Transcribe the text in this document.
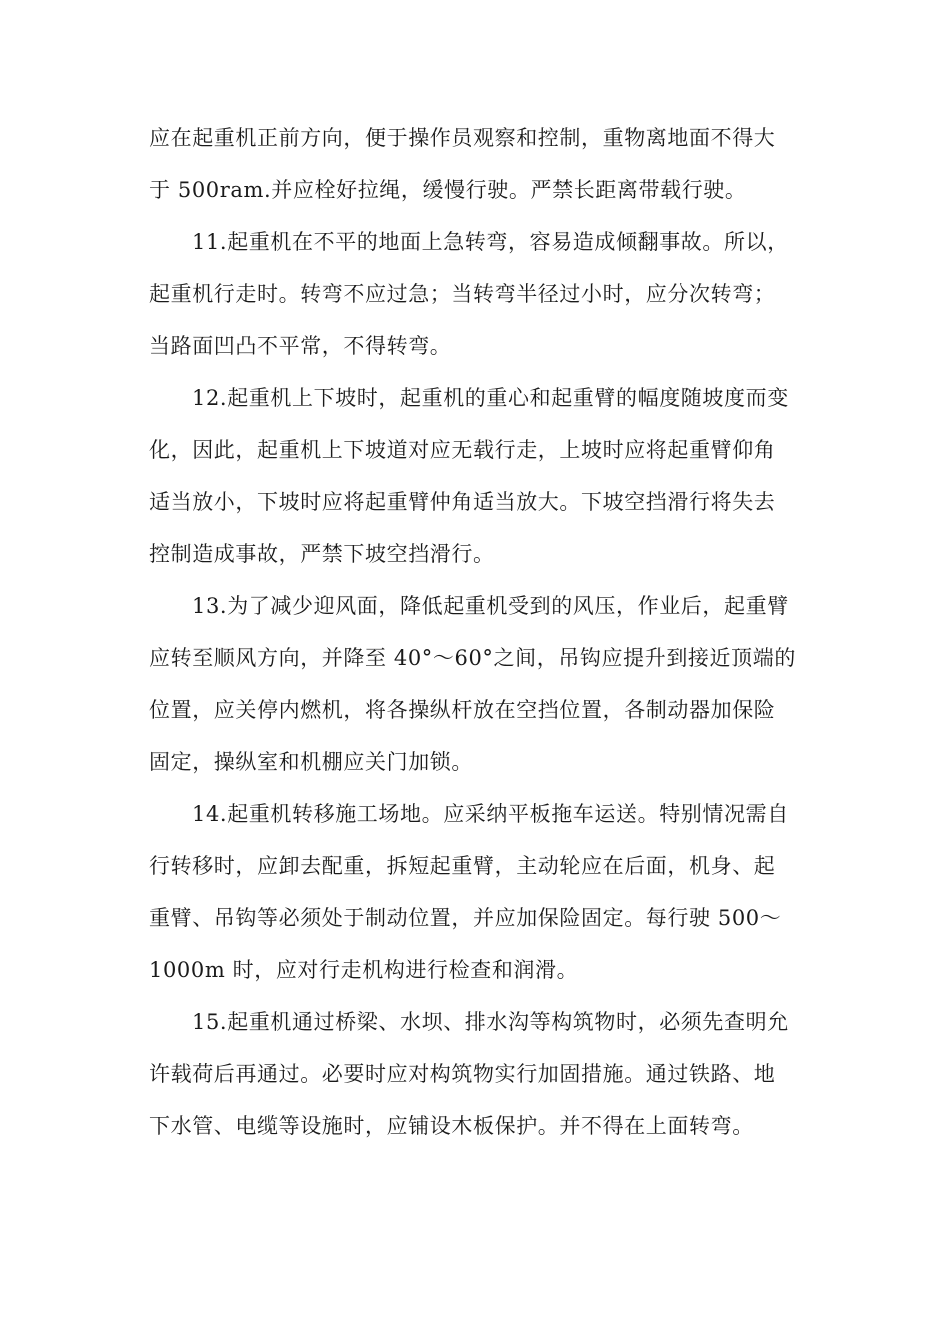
应在起重机正前方向，便于操作员观察和控制，重物离地面不得大
于 500ram.并应栓好拉绳，缓慢行驶。严禁长距离带载行驶。
11.起重机在不平的地面上急转弯，容易造成倾翻事故。所以，
起重机行走时。转弯不应过急；当转弯半径过小时，应分次转弯；
当路面凹凸不平常，不得转弯。
12.起重机上下坡时，起重机的重心和起重臂的幅度随坡度而变
化，因此，起重机上下坡道对应无载行走，上坡时应将起重臂仰角
适当放小，下坡时应将起重臂仲角适当放大。下坡空挡滑行将失去
控制造成事故，严禁下坡空挡滑行。
13.为了减少迎风面，降低起重机受到的风压，作业后，起重臂
应转至顺风方向，并降至 40°～60°之间，吊钩应提升到接近顶端的
位置，应关停内燃机，将各操纵杆放在空挡位置，各制动器加保险
固定，操纵室和机棚应关门加锁。
14.起重机转移施工场地。应采纳平板拖车运送。特别情况需自
行转移时，应卸去配重，拆短起重臂，主动轮应在后面，机身、起
重臂、吊钩等必须处于制动位置，并应加保险固定。每行驶 500～
1000m 时，应对行走机构进行检查和润滑。
15.起重机通过桥梁、水坝、排水沟等构筑物时，必须先查明允
许载荷后再通过。必要时应对构筑物实行加固措施。通过铁路、地
下水管、电缆等设施时，应铺设木板保护。并不得在上面转弯。
